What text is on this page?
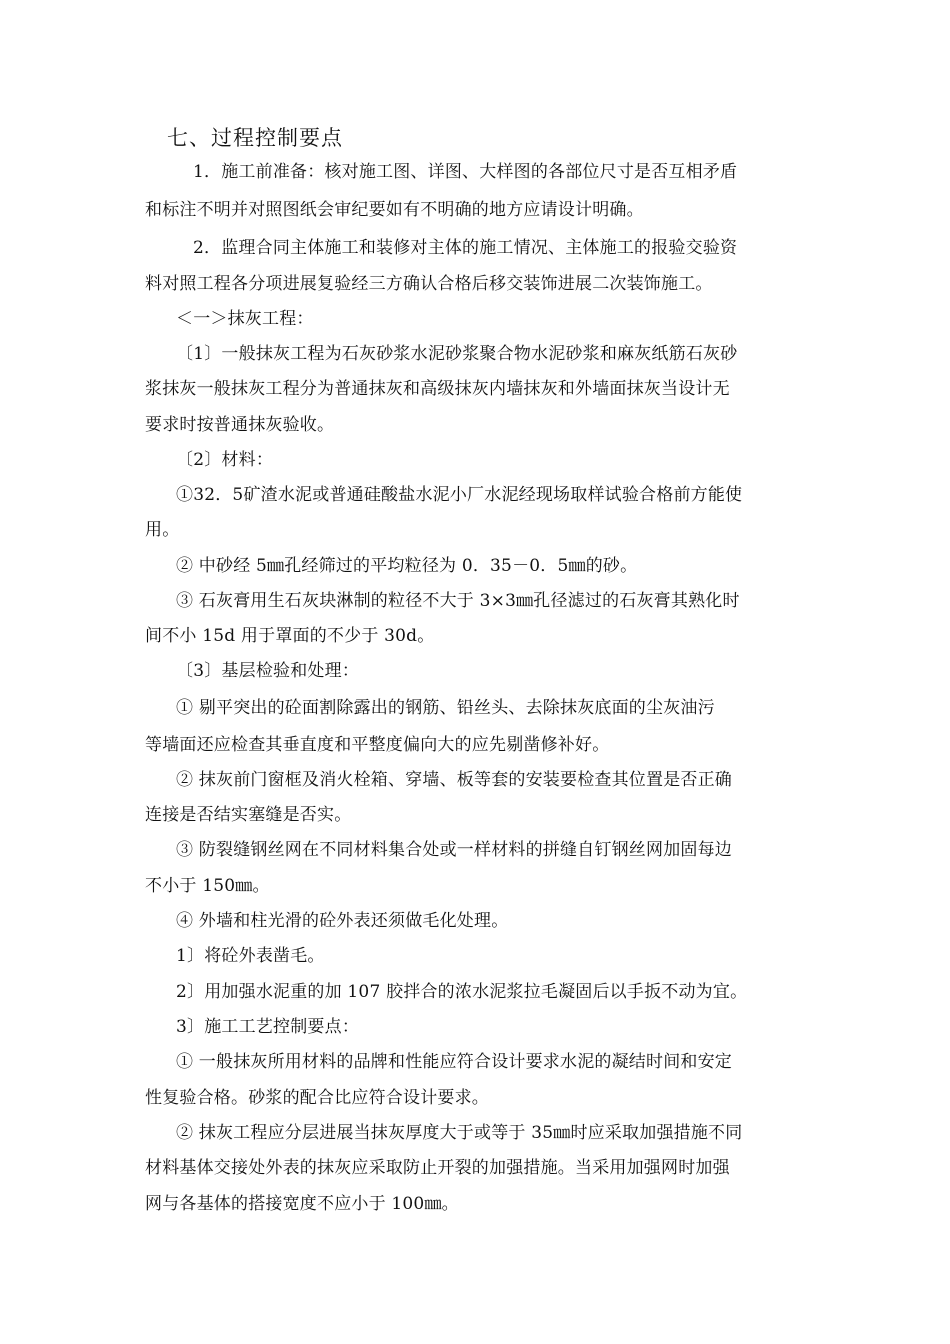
七、过程控制要点
1．施工前准备：核对施工图、详图、大样图的各部位尺寸是否互相矛盾
和标注不明并对照图纸会审纪要如有不明确的地方应请设计明确。
2．监理合同主体施工和装修对主体的施工情况、主体施工的报验交验资
料对照工程各分项进展复验经三方确认合格后移交装饰进展二次装饰施工。
＜一＞抹灰工程：
〔1〕一般抹灰工程为石灰砂浆水泥砂浆聚合物水泥砂浆和麻灰纸筋石灰砂
浆抹灰一般抹灰工程分为普通抹灰和高级抹灰内墙抹灰和外墙面抹灰当设计无
要求时按普通抹灰验收。
〔2〕材料：
①32．5矿渣水泥或普通硅酸盐水泥小厂水泥经现场取样试验合格前方能使
用。
② 中砂经 5㎜孔经筛过的平均粒径为 0．35－0．5㎜的砂。
③ 石灰膏用生石灰块淋制的粒径不大于 3×3㎜孔径滤过的石灰膏其熟化时
间不小 15d 用于罩面的不少于 30d。
〔3〕基层检验和处理：
① 剔平突出的砼面割除露出的钢筋、铅丝头、去除抹灰底面的尘灰油污
等墙面还应检查其垂直度和平整度偏向大的应先剔凿修补好。
② 抹灰前门窗框及消火栓箱、穿墙、板等套的安装要检查其位置是否正确
连接是否结实塞缝是否实。
③ 防裂缝钢丝网在不同材料集合处或一样材料的拼缝自钉钢丝网加固每边
不小于 150㎜。
④ 外墙和柱光滑的砼外表还须做毛化处理。
1〕将砼外表凿毛。
2〕用加强水泥重的加 107 胶拌合的浓水泥浆拉毛凝固后以手扳不动为宜。
3〕施工工艺控制要点：
① 一般抹灰所用材料的品牌和性能应符合设计要求水泥的凝结时间和安定
性复验合格。砂浆的配合比应符合设计要求。
② 抹灰工程应分层进展当抹灰厚度大于或等于 35㎜时应采取加强措施不同
材料基体交接处外表的抹灰应采取防止开裂的加强措施。当采用加强网时加强
网与各基体的搭接宽度不应小于 100㎜。
